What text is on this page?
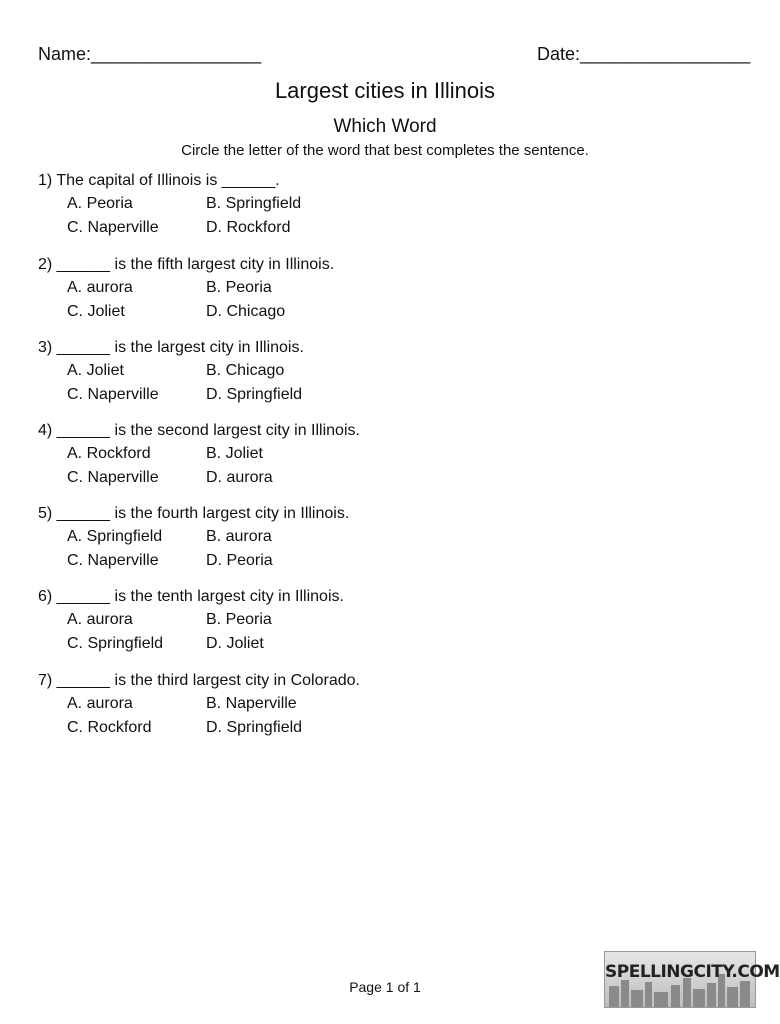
Name:_________________	Date:_________________
Largest cities in Illinois
Which Word
Circle the letter of the word that best completes the sentence.
1) The capital of Illinois is ______.
A. Peoria	B. Springfield
C. Naperville	D. Rockford
2) ______ is the fifth largest city in Illinois.
A. aurora	B. Peoria
C. Joliet	D. Chicago
3) ______ is the largest city in Illinois.
A. Joliet	B. Chicago
C. Naperville	D. Springfield
4) ______ is the second largest city in Illinois.
A. Rockford	B. Joliet
C. Naperville	D. aurora
5) ______ is the fourth largest city in Illinois.
A. Springfield	B. aurora
C. Naperville	D. Peoria
6) ______ is the tenth largest city in Illinois.
A. aurora	B. Peoria
C. Springfield	D. Joliet
7) ______ is the third largest city in Colorado.
A. aurora	B. Naperville
C. Rockford	D. Springfield
Page 1 of 1
SPELLINGCITY.COM
